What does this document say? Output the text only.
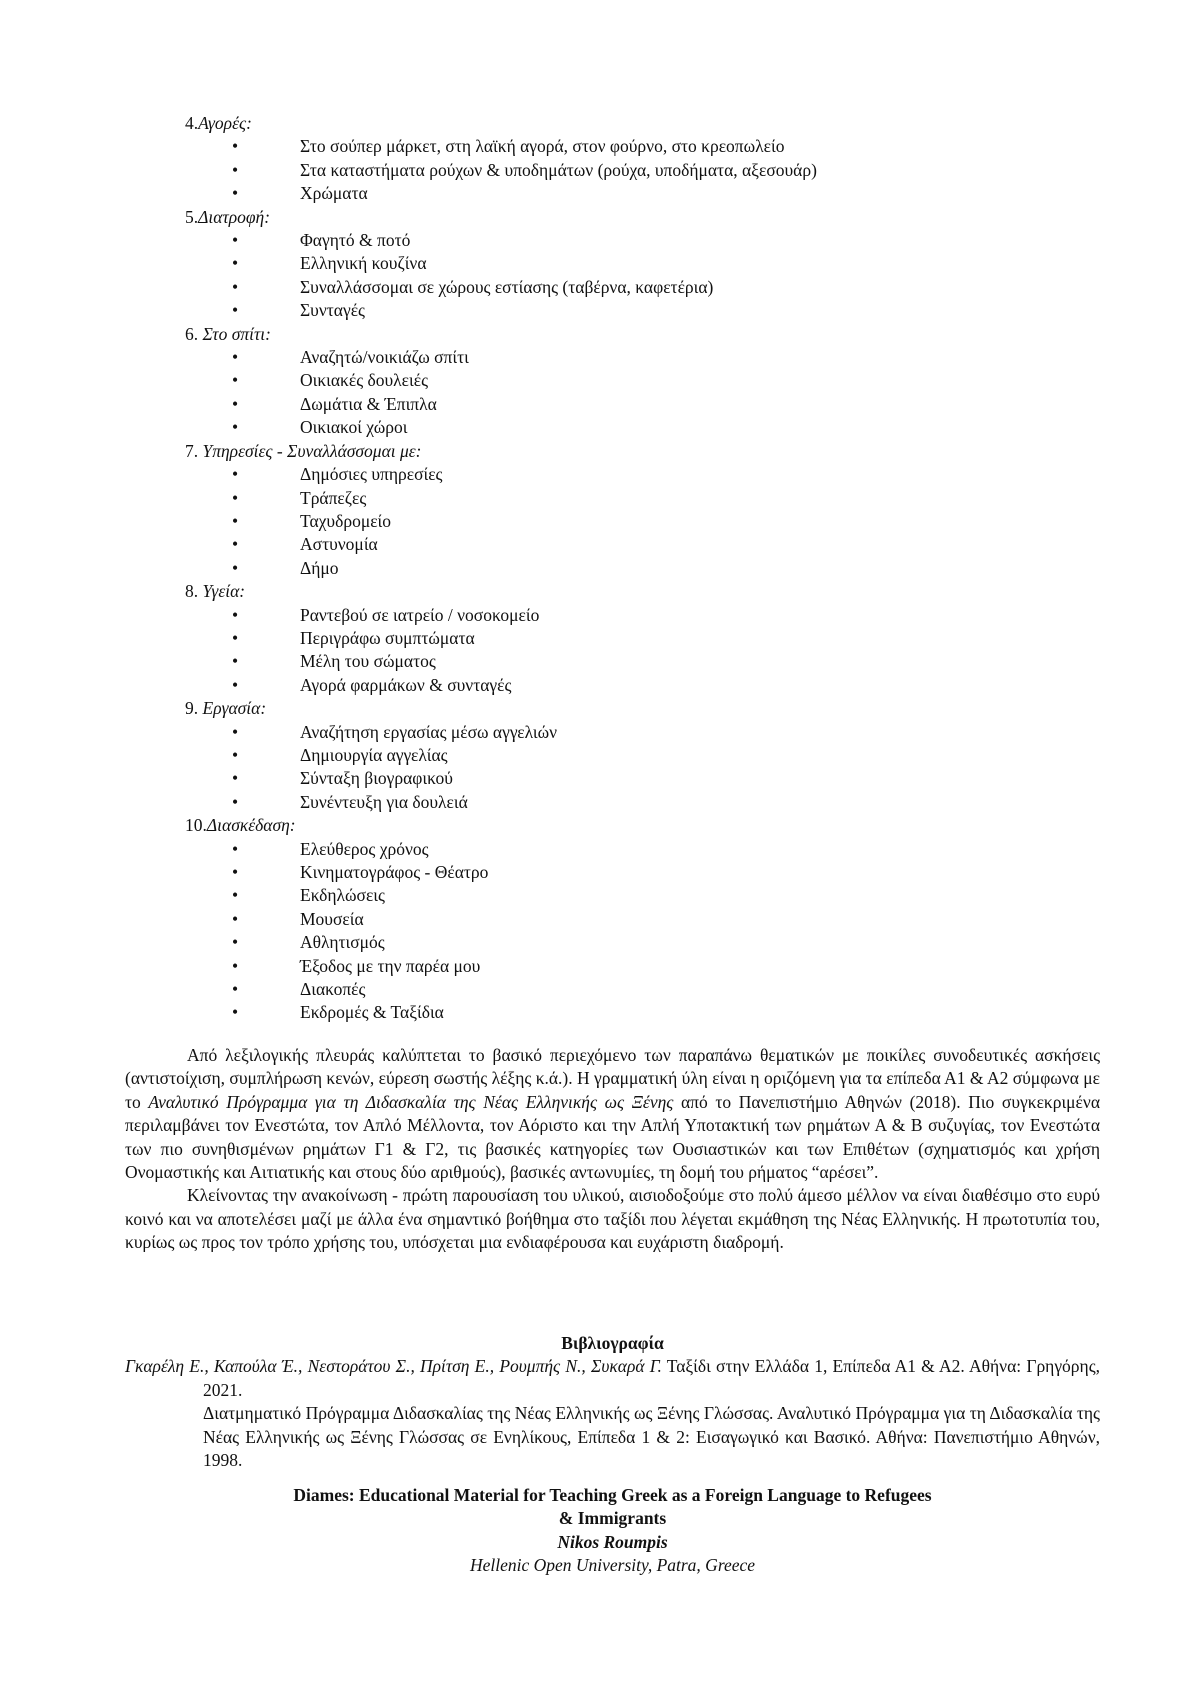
4.Αγορές:
•	Στο σούπερ μάρκετ, στη λαϊκή αγορά, στον φούρνο, στο κρεοπωλείο
•	Στα καταστήματα ρούχων & υποδημάτων (ρούχα, υποδήματα, αξεσουάρ)
•	Χρώματα
5.Διατροφή:
•	Φαγητό & ποτό
•	Ελληνική κουζίνα
•	Συναλλάσσομαι σε χώρους εστίασης (ταβέρνα, καφετέρια)
•	Συνταγές
6. Στο σπίτι:
•	Αναζητώ/νοικιάζω σπίτι
•	Οικιακές δουλειές
•	Δωμάτια & Έπιπλα
•	Οικιακοί χώροι
7. Υπηρεσίες - Συναλλάσσομαι με:
•	Δημόσιες υπηρεσίες
•	Τράπεζες
•	Ταχυδρομείο
•	Αστυνομία
•	Δήμο
8. Υγεία:
•	Ραντεβού σε ιατρείο / νοσοκομείο
•	Περιγράφω συμπτώματα
•	Μέλη του σώματος
•	Αγορά φαρμάκων & συνταγές
9. Εργασία:
•	Αναζήτηση εργασίας μέσω αγγελιών
•	Δημιουργία αγγελίας
•	Σύνταξη βιογραφικού
•	Συνέντευξη για δουλειά
10.Διασκέδαση:
•	Ελεύθερος χρόνος
•	Κινηματογράφος - Θέατρο
•	Εκδηλώσεις
•	Μουσεία
•	Αθλητισμός
•	Έξοδος με την παρέα μου
•	Διακοπές
•	Εκδρομές & Ταξίδια

Από λεξιλογικής πλευράς καλύπτεται το βασικό περιεχόμενο των παραπάνω θεματικών με ποικίλες συνοδευτικές ασκήσεις (αντιστοίχιση, συμπλήρωση κενών, εύρεση σωστής λέξης κ.ά.). Η γραμματική ύλη είναι η οριζόμενη για τα επίπεδα Α1 & Α2 σύμφωνα με το Αναλυτικό Πρόγραμμα για τη Διδασκαλία της Νέας Ελληνικής ως Ξένης από το Πανεπιστήμιο Αθηνών (2018). Πιο συγκεκριμένα περιλαμβάνει τον Ενεστώτα, τον Απλό Μέλλοντα, τον Αόριστο και την Απλή Υποτακτική των ρημάτων Α & Β συζυγίας, τον Ενεστώτα των πιο συνηθισμένων ρημάτων Γ1 & Γ2, τις βασικές κατηγορίες των Ουσιαστικών και των Επιθέτων (σχηματισμός και χρήση Ονομαστικής και Αιτιατικής και στους δύο αριθμούς), βασικές αντωνυμίες, τη δομή του ρήματος “αρέσει”.

Κλείνοντας την ανακοίνωση - πρώτη παρουσίαση του υλικού, αισιοδοξούμε στο πολύ άμεσο μέλλον να είναι διαθέσιμο στο ευρύ κοινό και να αποτελέσει μαζί με άλλα ένα σημαντικό βοήθημα στο ταξίδι που λέγεται εκμάθηση της Νέας Ελληνικής. Η πρωτοτυπία του, κυρίως ως προς τον τρόπο χρήσης του, υπόσχεται μια ενδιαφέρουσα και ευχάριστη διαδρομή.

Βιβλιογραφία

Γκαρέλη Ε., Καπούλα Έ., Νεστοράτου Σ., Πρίτση Ε., Ρουμπής Ν., Συκαρά Γ. Ταξίδι στην Ελλάδα 1, Επίπεδα Α1 & Α2. Αθήνα: Γρηγόρης, 2021.

Διατμηματικό Πρόγραμμα Διδασκαλίας της Νέας Ελληνικής ως Ξένης Γλώσσας. Αναλυτικό Πρόγραμμα για τη Διδασκαλία της Νέας Ελληνικής ως Ξένης Γλώσσας σε Ενηλίκους, Επίπεδα 1 & 2: Εισαγωγικό και Βασικό. Αθήνα: Πανεπιστήμιο Αθηνών, 1998.

Diames: Educational Material for Teaching Greek as a Foreign Language to Refugees
& Immigrants
Nikos Roumpis
Hellenic Open University, Patra, Greece
